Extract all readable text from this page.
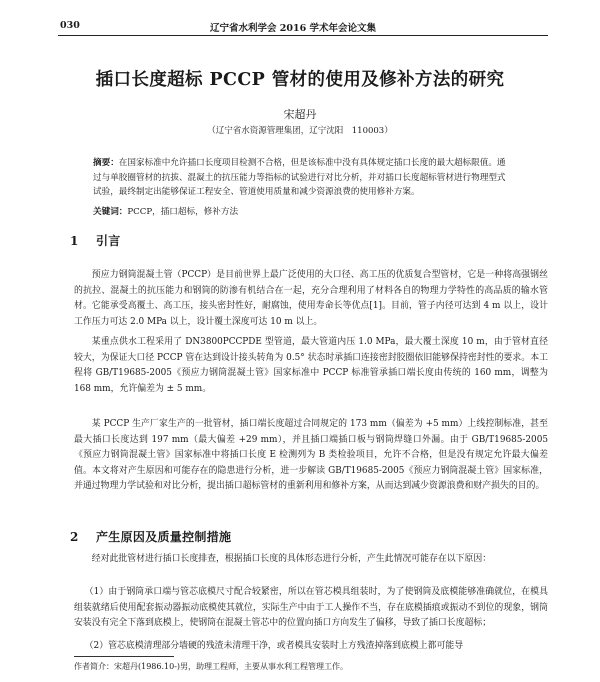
030	辽宁省水利学会 2016 学术年会论文集
插口长度超标 PCCP 管材的使用及修补方法的研究
宋超丹
（辽宁省水资源管理集团，辽宁沈阳　110003）
摘要：在国家标准中允许插口长度项目检测不合格，但是该标准中没有具体规定插口长度的最大超标限值。通过与单胶圈管材的抗拔、混凝土的抗压能力等指标的试验进行对比分析，并对插口长度超标管材进行物理型式试验，最终制定出能够保证工程安全、管道使用质量和减少资源浪费的使用修补方案。
关键词：PCCP，插口超标，修补方法
1 引言
预应力钢筒混凝土管（PCCP）是目前世界上最广泛使用的大口径、高工压的优质复合型管材，它是一种将高强钢丝的抗拉、混凝土的抗压能力和钢筒的防渗有机结合在一起，充分合理利用了材料各自的物理力学特性的高品质的输水管材。它能承受高覆土、高工压，接头密封性好，耐腐蚀，使用寿命长等优点[1]。目前，管子内径可达到 4 m 以上，设计工作压力可达 2.0 MPa 以上，设计覆土深度可达 10 m 以上。
某重点供水工程采用了 DN3800PCCPDE 型管道，最大管道内压 1.0 MPa，最大覆土深度 10 m，由于管材直径较大，为保证大口径 PCCP 管在达到设计接头转角为 0.5° 状态时承插口连接密封胶圈依旧能够保持密封性的要求。本工程将 GB/T19685-2005《预应力钢筒混凝土管》国家标准中 PCCP 标准管承插口端长度由传统的 160 mm，调整为 168 mm，允许偏差为 ± 5 mm。
某 PCCP 生产厂家生产的一批管材，插口端长度超过合同规定的 173 mm（偏差为 +5 mm）上线控制标准，甚至最大插口长度达到 197 mm（最大偏差 +29 mm），并且插口端插口板与钢筒焊缝口外漏。由于 GB/T19685-2005《预应力钢筒混凝土管》国家标准中将插口长度 E 检测列为 B 类检验项目，允许不合格，但是没有规定允许最大偏差值。本文将对产生原因和可能存在的隐患进行分析，进一步解读 GB/T19685-2005《预应力钢筒混凝土管》国家标准，并通过物理力学试验和对比分析，提出插口超标管材的重新利用和修补方案，从而达到减少资源浪费和财产损失的目的。
2 产生原因及质量控制措施
经对此批管材进行插口长度排查，根据插口长度的具体形态进行分析，产生此情况可能存在以下原因：
（1）由于钢筒承口端与管芯底模尺寸配合较紧密，所以在管芯模具组装时，为了使钢筒及底模能够准确就位，在模具组装就绪后使用配套振动器振动底模使其就位，实际生产中由于工人操作不当，存在底模插痕或振动不到位的现象，钢筒安装没有完全下落到底模上，使钢筒在混凝土管芯中的位置向插口方向发生了偏移，导致了插口长度超标；
（2）管芯底模清理部分墙硬的残渣未清理干净，或者模具安装时上方残渣掉落到底模上都可能导
作者简介：宋超丹(1986.10-)男，助理工程师，主要从事水利工程管理工作。
